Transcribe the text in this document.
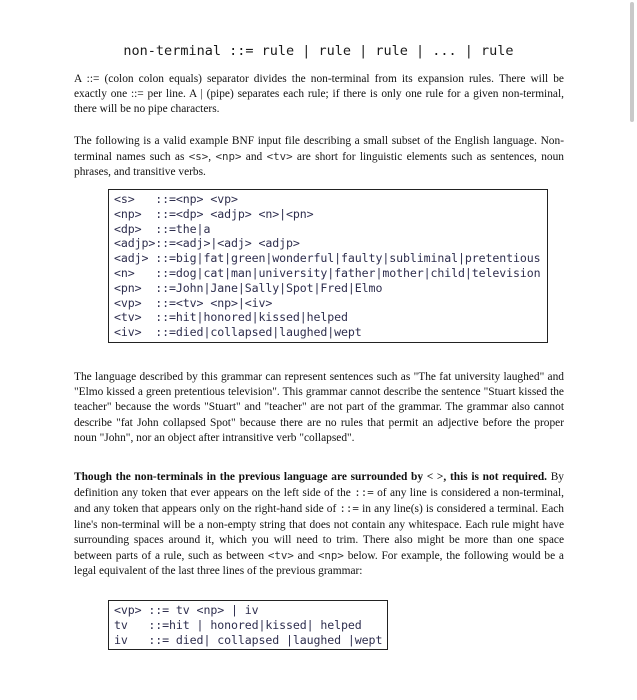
non-terminal ::= rule | rule | rule | ... | rule

A ::= (colon colon equals) separator divides the non-terminal from its expansion rules. There will be exactly one ::= per line. A | (pipe) separates each rule; if there is only one rule for a given non-terminal, there will be no pipe characters.

The following is a valid example BNF input file describing a small subset of the English language. Non-terminal names such as <s>, <np> and <tv> are short for linguistic elements such as sentences, noun phrases, and transitive verbs.

<s>   ::=<np> <vp>
<np>  ::=<dp> <adjp> <n>|<pn>
<dp>  ::=the|a
<adjp>::=<adj>|<adj> <adjp>
<adj> ::=big|fat|green|wonderful|faulty|subliminal|pretentious
<n>   ::=dog|cat|man|university|father|mother|child|television
<pn>  ::=John|Jane|Sally|Spot|Fred|Elmo
<vp>  ::=<tv> <np>|<iv>
<tv>  ::=hit|honored|kissed|helped
<iv>  ::=died|collapsed|laughed|wept

The language described by this grammar can represent sentences such as "The fat university laughed" and "Elmo kissed a green pretentious television". This grammar cannot describe the sentence "Stuart kissed the teacher" because the words "Stuart" and "teacher" are not part of the grammar. The grammar also cannot describe "fat John collapsed Spot" because there are no rules that permit an adjective before the proper noun "John", nor an object after intransitive verb "collapsed".

Though the non-terminals in the previous language are surrounded by < >, this is not required. By definition any token that ever appears on the left side of the ::= of any line is considered a non-terminal, and any token that appears only on the right-hand side of ::= in any line(s) is considered a terminal. Each line's non-terminal will be a non-empty string that does not contain any whitespace. Each rule might have surrounding spaces around it, which you will need to trim. There also might be more than one space between parts of a rule, such as between <tv> and <np> below. For example, the following would be a legal equivalent of the last three lines of the previous grammar:

<vp> ::= tv <np> | iv
tv   ::=hit | honored|kissed| helped
iv   ::= died| collapsed |laughed |wept
